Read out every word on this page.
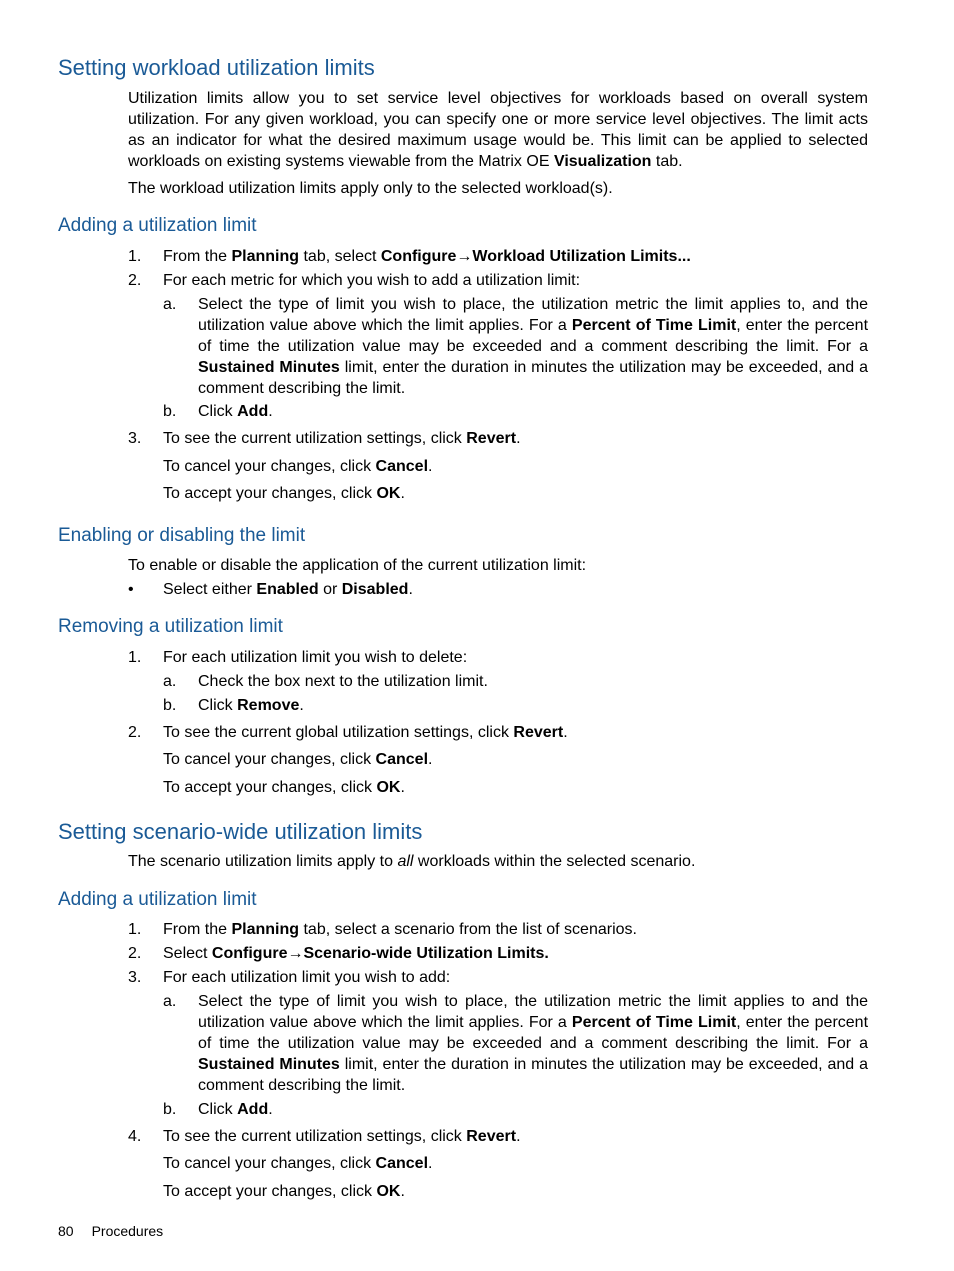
Setting workload utilization limits

Utilization limits allow you to set service level objectives for workloads based on overall system utilization. For any given workload, you can specify one or more service level objectives. The limit acts as an indicator for what the desired maximum usage would be. This limit can be applied to selected workloads on existing systems viewable from the Matrix OE Visualization tab.

The workload utilization limits apply only to the selected workload(s).

Adding a utilization limit
1.	From the Planning tab, select Configure→Workload Utilization Limits...
2.	For each metric for which you wish to add a utilization limit:
a.	Select the type of limit you wish to place, the utilization metric the limit applies to, and the utilization value above which the limit applies. For a Percent of Time Limit, enter the percent of time the utilization value may be exceeded and a comment describing the limit. For a Sustained Minutes limit, enter the duration in minutes the utilization may be exceeded, and a comment describing the limit.
b.	Click Add.
3.	To see the current utilization settings, click Revert.
To cancel your changes, click Cancel.
To accept your changes, click OK.
Enabling or disabling the limit

To enable or disable the application of the current utilization limit:

•	Select either Enabled or Disabled.
Removing a utilization limit
1.	For each utilization limit you wish to delete:
a.	Check the box next to the utilization limit.
b.	Click Remove.
2.	To see the current global utilization settings, click Revert.
To cancel your changes, click Cancel.
To accept your changes, click OK.
Setting scenario-wide utilization limits

The scenario utilization limits apply to all workloads within the selected scenario.

Adding a utilization limit
1.	From the Planning tab, select a scenario from the list of scenarios.
2.	Select Configure→Scenario-wide Utilization Limits.
3.	For each utilization limit you wish to add:
a.	Select the type of limit you wish to place, the utilization metric the limit applies to and the utilization value above which the limit applies. For a Percent of Time Limit, enter the percent of time the utilization value may be exceeded and a comment describing the limit. For a Sustained Minutes limit, enter the duration in minutes the utilization may be exceeded, and a comment describing the limit.
b.	Click Add.
4.	To see the current utilization settings, click Revert.
To cancel your changes, click Cancel.
To accept your changes, click OK.
80 Procedures
